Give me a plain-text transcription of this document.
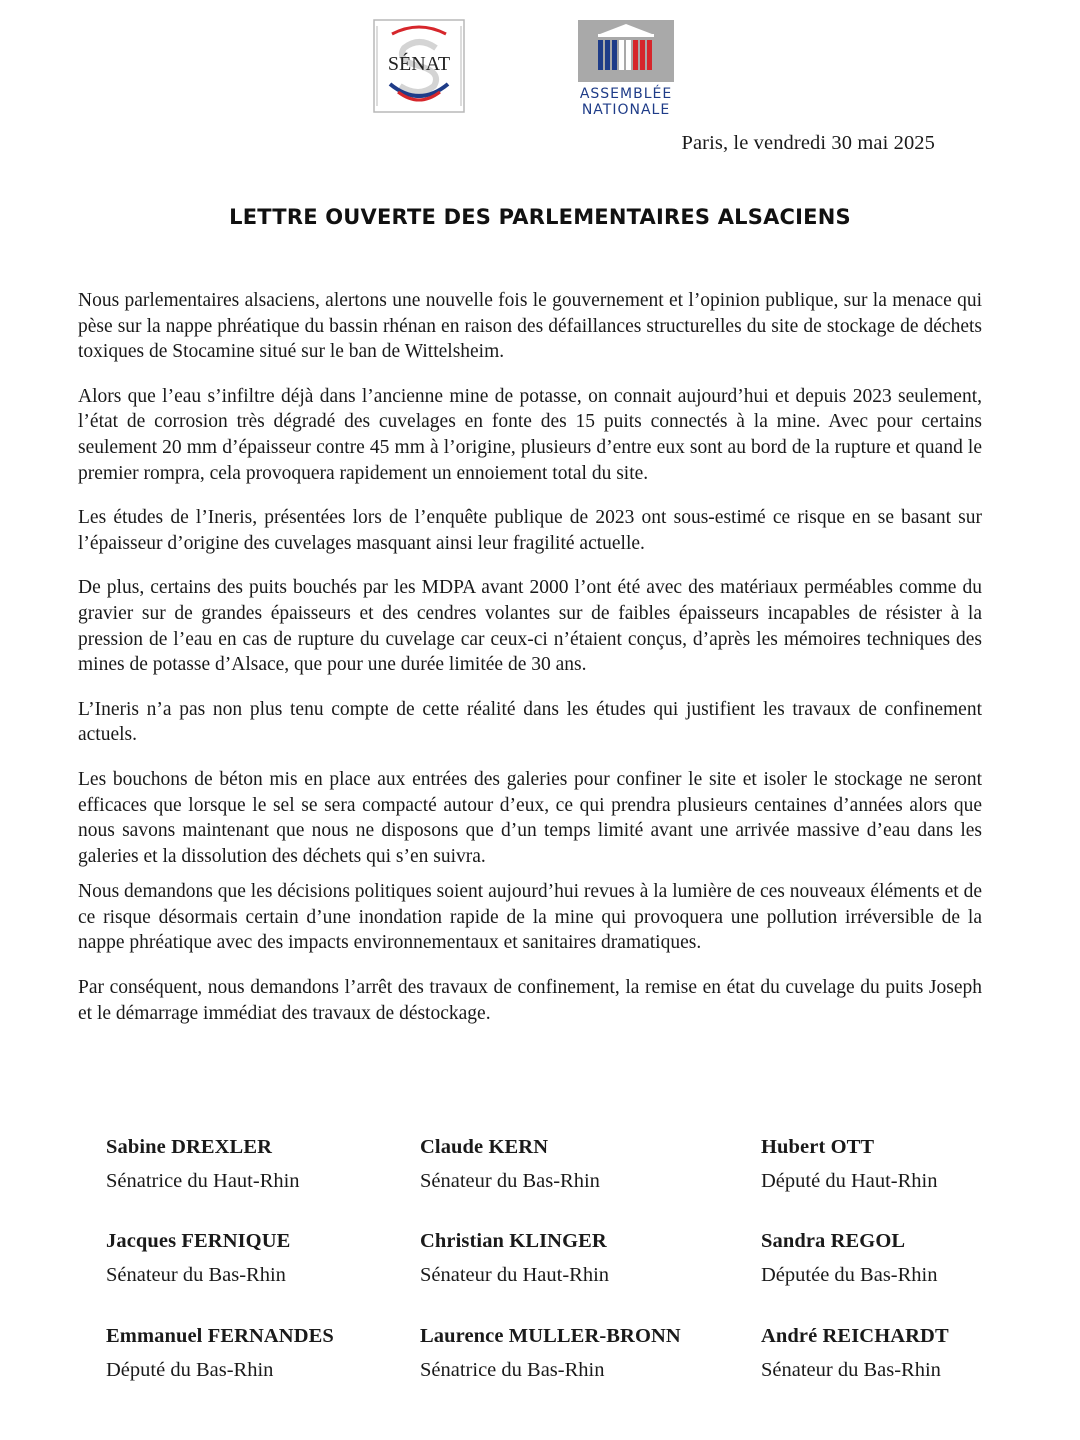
SÉNAT
ASSEMBLÉE
NATIONALE
Paris, le vendredi 30 mai 2025
LETTRE OUVERTE DES PARLEMENTAIRES ALSACIENS

Nous parlementaires alsaciens, alertons une nouvelle fois le gouvernement et l’opinion publique, sur la menace qui pèse sur la nappe phréatique du bassin rhénan en raison des défaillances structurelles du site de stockage de déchets toxiques de Stocamine situé sur le ban de Wittelsheim.

Alors que l’eau s’infiltre déjà dans l’ancienne mine de potasse, on connait aujourd’hui et depuis 2023 seulement, l’état de corrosion très dégradé des cuvelages en fonte des 15 puits connectés à la mine. Avec pour certains seulement 20 mm d’épaisseur contre 45 mm à l’origine, plusieurs d’entre eux sont au bord de la rupture et quand le premier rompra, cela provoquera rapidement un ennoiement total du site.

Les études de l’Ineris, présentées lors de l’enquête publique de 2023 ont sous-estimé ce risque en se basant sur l’épaisseur d’origine des cuvelages masquant ainsi leur fragilité actuelle.

De plus, certains des puits bouchés par les MDPA avant 2000 l’ont été avec des matériaux perméables comme du gravier sur de grandes épaisseurs et des cendres volantes sur de faibles épaisseurs incapables de résister à la pression de l’eau en cas de rupture du cuvelage car ceux-ci n’étaient conçus, d’après les mémoires techniques des mines de potasse d’Alsace, que pour une durée limitée de 30 ans.

L’Ineris n’a pas non plus tenu compte de cette réalité dans les études qui justifient les travaux de confinement actuels.

Les bouchons de béton mis en place aux entrées des galeries pour confiner le site et isoler le stockage ne seront efficaces que lorsque le sel se sera compacté autour d’eux, ce qui prendra plusieurs centaines d’années alors que nous savons maintenant que nous ne disposons que d’un temps limité avant une arrivée massive d’eau dans les galeries et la dissolution des déchets qui s’en suivra.

Nous demandons que les décisions politiques soient aujourd’hui revues à la lumière de ces nouveaux éléments et de ce risque désormais certain d’une inondation rapide de la mine qui provoquera une pollution irréversible de la nappe phréatique avec des impacts environnementaux et sanitaires dramatiques.

Par conséquent, nous demandons l’arrêt des travaux de confinement, la remise en état du cuvelage du puits Joseph et le démarrage immédiat des travaux de déstockage.

Sabine DREXLER
Sénatrice du Haut-Rhin
Claude KERN
Sénateur du Bas-Rhin
Hubert OTT
Député du Haut-Rhin
Jacques FERNIQUE
Sénateur du Bas-Rhin
Christian KLINGER
Sénateur du Haut-Rhin
Sandra REGOL
Députée du Bas-Rhin
Emmanuel FERNANDES
Député du Bas-Rhin
Laurence MULLER-BRONN
Sénatrice du Bas-Rhin
André REICHARDT
Sénateur du Bas-Rhin
